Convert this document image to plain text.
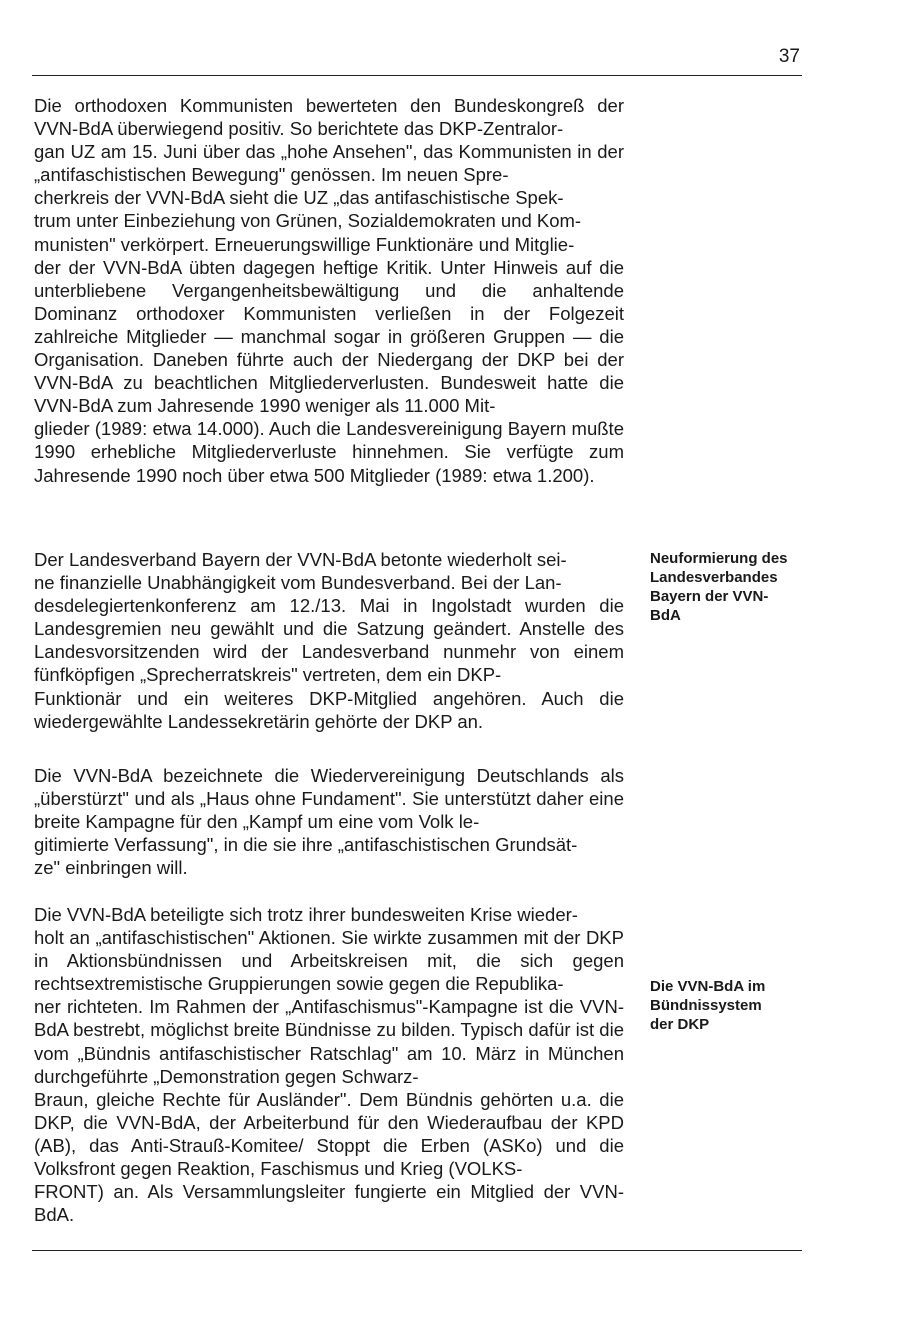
37

Die orthodoxen Kommunisten bewerteten den Bundeskongreß der VVN-BdA überwiegend positiv. So berichtete das DKP-Zentralor-
gan UZ am 15. Juni über das „hohe Ansehen", das Kommunisten in der „antifaschistischen Bewegung" genössen. Im neuen Spre-
cherkreis der VVN-BdA sieht die UZ „das antifaschistische Spek-
trum unter Einbeziehung von Grünen, Sozialdemokraten und Kom-
munisten" verkörpert. Erneuerungswillige Funktionäre und Mitglie-
der der VVN-BdA übten dagegen heftige Kritik. Unter Hinweis auf die unterbliebene Vergangenheitsbewältigung und die anhaltende Dominanz orthodoxer Kommunisten verließen in der Folgezeit zahlreiche Mitglieder — manchmal sogar in größeren Gruppen — die Organisation. Daneben führte auch der Niedergang der DKP bei der VVN-BdA zu beachtlichen Mitgliederverlusten. Bundesweit hatte die VVN-BdA zum Jahresende 1990 weniger als 11.000 Mit-
glieder (1989: etwa 14.000). Auch die Landesvereinigung Bayern mußte 1990 erhebliche Mitgliederverluste hinnehmen. Sie verfügte zum Jahresende 1990 noch über etwa 500 Mitglieder (1989: etwa 1.200).

Der Landesverband Bayern der VVN-BdA betonte wiederholt sei-
ne finanzielle Unabhängigkeit vom Bundesverband. Bei der Lan-
desdelegiertenkonferenz am 12./13. Mai in Ingolstadt wurden die Landesgremien neu gewählt und die Satzung geändert. Anstelle des Landesvorsitzenden wird der Landesverband nunmehr von einem fünfköpfigen „Sprecherratskreis" vertreten, dem ein DKP-
Funktionär und ein weiteres DKP-Mitglied angehören. Auch die wiedergewählte Landessekretärin gehörte der DKP an.

Die VVN-BdA bezeichnete die Wiedervereinigung Deutschlands als „überstürzt" und als „Haus ohne Fundament". Sie unterstützt daher eine breite Kampagne für den „Kampf um eine vom Volk le-
gitimierte Verfassung", in die sie ihre „antifaschistischen Grundsät-
ze" einbringen will.

Die VVN-BdA beteiligte sich trotz ihrer bundesweiten Krise wieder-
holt an „antifaschistischen" Aktionen. Sie wirkte zusammen mit der DKP in Aktionsbündnissen und Arbeitskreisen mit, die sich gegen rechtsextremistische Gruppierungen sowie gegen die Republika-
ner richteten. Im Rahmen der „Antifaschismus"-Kampagne ist die VVN-BdA bestrebt, möglichst breite Bündnisse zu bilden. Typisch dafür ist die vom „Bündnis antifaschistischer Ratschlag" am 10. März in München durchgeführte „Demonstration gegen Schwarz-
Braun, gleiche Rechte für Ausländer". Dem Bündnis gehörten u.a. die DKP, die VVN-BdA, der Arbeiterbund für den Wiederaufbau der KPD (AB), das Anti-Strauß-Komitee/ Stoppt die Erben (ASKo) und die Volksfront gegen Reaktion, Faschismus und Krieg (VOLKS-
FRONT) an. Als Versammlungsleiter fungierte ein Mitglied der VVN-BdA.

Neuformierung des
Landesverbandes
Bayern der VVN-
BdA

Die VVN-BdA im
Bündnissystem
der DKP
